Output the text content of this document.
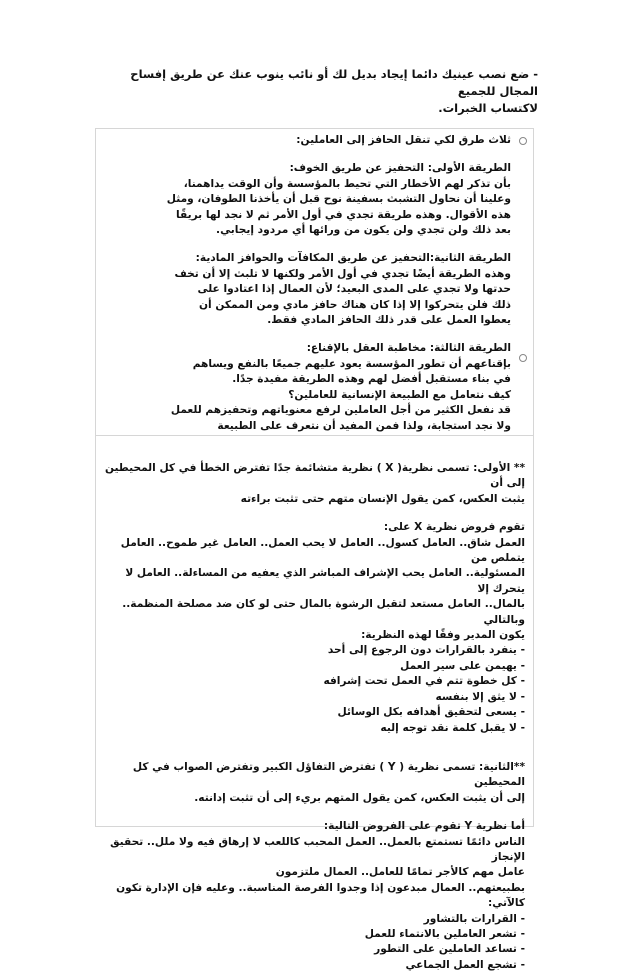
- ضع نصب عينيك دائما إيجاد بديل لك أو نائب ينوب عنك عن طريق إفساح المجال للجميع

لاكتساب الخبرات.

ثلاث طرق لكي تنقل الحافز إلى العاملين:

الطريقة الأولى: التحفيز عن طريق الخوف:

بأن تذكر لهم الأخطار التي تحيط بالمؤسسة وأن الوقت يداهمنا،

وعلينا أن نحاول التشبث بسفينة نوح قبل أن يأخذنا الطوفان، ومثل

هذه الأقوال. وهذه طريقة تجدي في أول الأمر ثم لا نجد لها بريقًا

بعد ذلك ولن تجدي ولن يكون من ورائها أي مردود إيجابي.

الطريقة الثانية:التحفيز عن طريق المكافآت والحوافز المادية:

وهذه الطريقة أيضًا تجدي في أول الأمر ولكنها لا تلبث إلا أن تخف

حدتها ولا تجدي على المدى البعيد؛ لأن العمال إذا اعتادوا على

ذلك فلن يتحركوا إلا إذا كان هناك حافز مادي ومن الممكن أن

يعطوا العمل على قدر ذلك الحافز المادي فقط.

الطريقة الثالثة: مخاطبة العقل بالإقناع:

بإقناعهم أن تطور المؤسسة يعود عليهم جميعًا بالنفع ويساهم

في بناء مستقبل أفضل لهم وهذه الطريقة مفيدة جدًا.

كيف نتعامل مع الطبيعة الإنسانية للعاملين؟

قد نفعل الكثير من أجل العاملين لرفع معنوياتهم وتحفيزهم للعمل

ولا نجد استجابة، ولذا فمن المفيد أن نتعرف على الطبيعة

** الأولى: تسمى نظرية( X ) نظرية متشائمة جدًا تفترض الخطأ في كل المحيطين إلى أن

يثبت العكس، كمن يقول الإنسان متهم حتى تثبت براءته

تقوم فروض نظرية X على:

العمل شاق.. العامل كسول.. العامل لا يحب العمل.. العامل غير طموح.. العامل يتملص من

المسئولية.. العامل يحب الإشراف المباشر الذي يعفيه من المساءلة.. العامل لا يتحرك إلا

بالمال.. العامل مستعد لتقبل الرشوة بالمال حتى لو كان ضد مصلحة المنظمة.. وبالتالي

يكون المدير وفقًا لهذه النظرية:

- ينفرد بالقرارات دون الرجوع إلى أحد

- يهيمن على سير العمل

- كل خطوة تتم في العمل تحت إشرافه

- لا يثق إلا بنفسه

- يسعى لتحقيق أهدافه بكل الوسائل

- لا يقبل كلمة نقد توجه إليه

**الثانية: تسمى نظرية ( Y ) تفترض التفاؤل الكبير وتفترض الصواب في كل المحيطين

إلى أن يثبت العكس، كمن يقول المتهم بريء إلى أن تثبت إدانته.

أما نظرية Y تقوم على الفروض التالية:

الناس دائمًا تستمتع بالعمل.. العمل المحبب كاللعب لا إرهاق فيه ولا ملل.. تحقيق الإنجاز

عامل مهم كالأجر تمامًا للعامل.. العمال ملتزمون

بطبيعتهم.. العمال مبدعون إذا وجدوا الفرصة المناسبة.. وعليه فإن الإدارة تكون كالآتي:

- القرارات بالتشاور

- تشعر العاملين بالانتماء للعمل

- تساعد العاملين على التطور

- تشجع العمل الجماعي
